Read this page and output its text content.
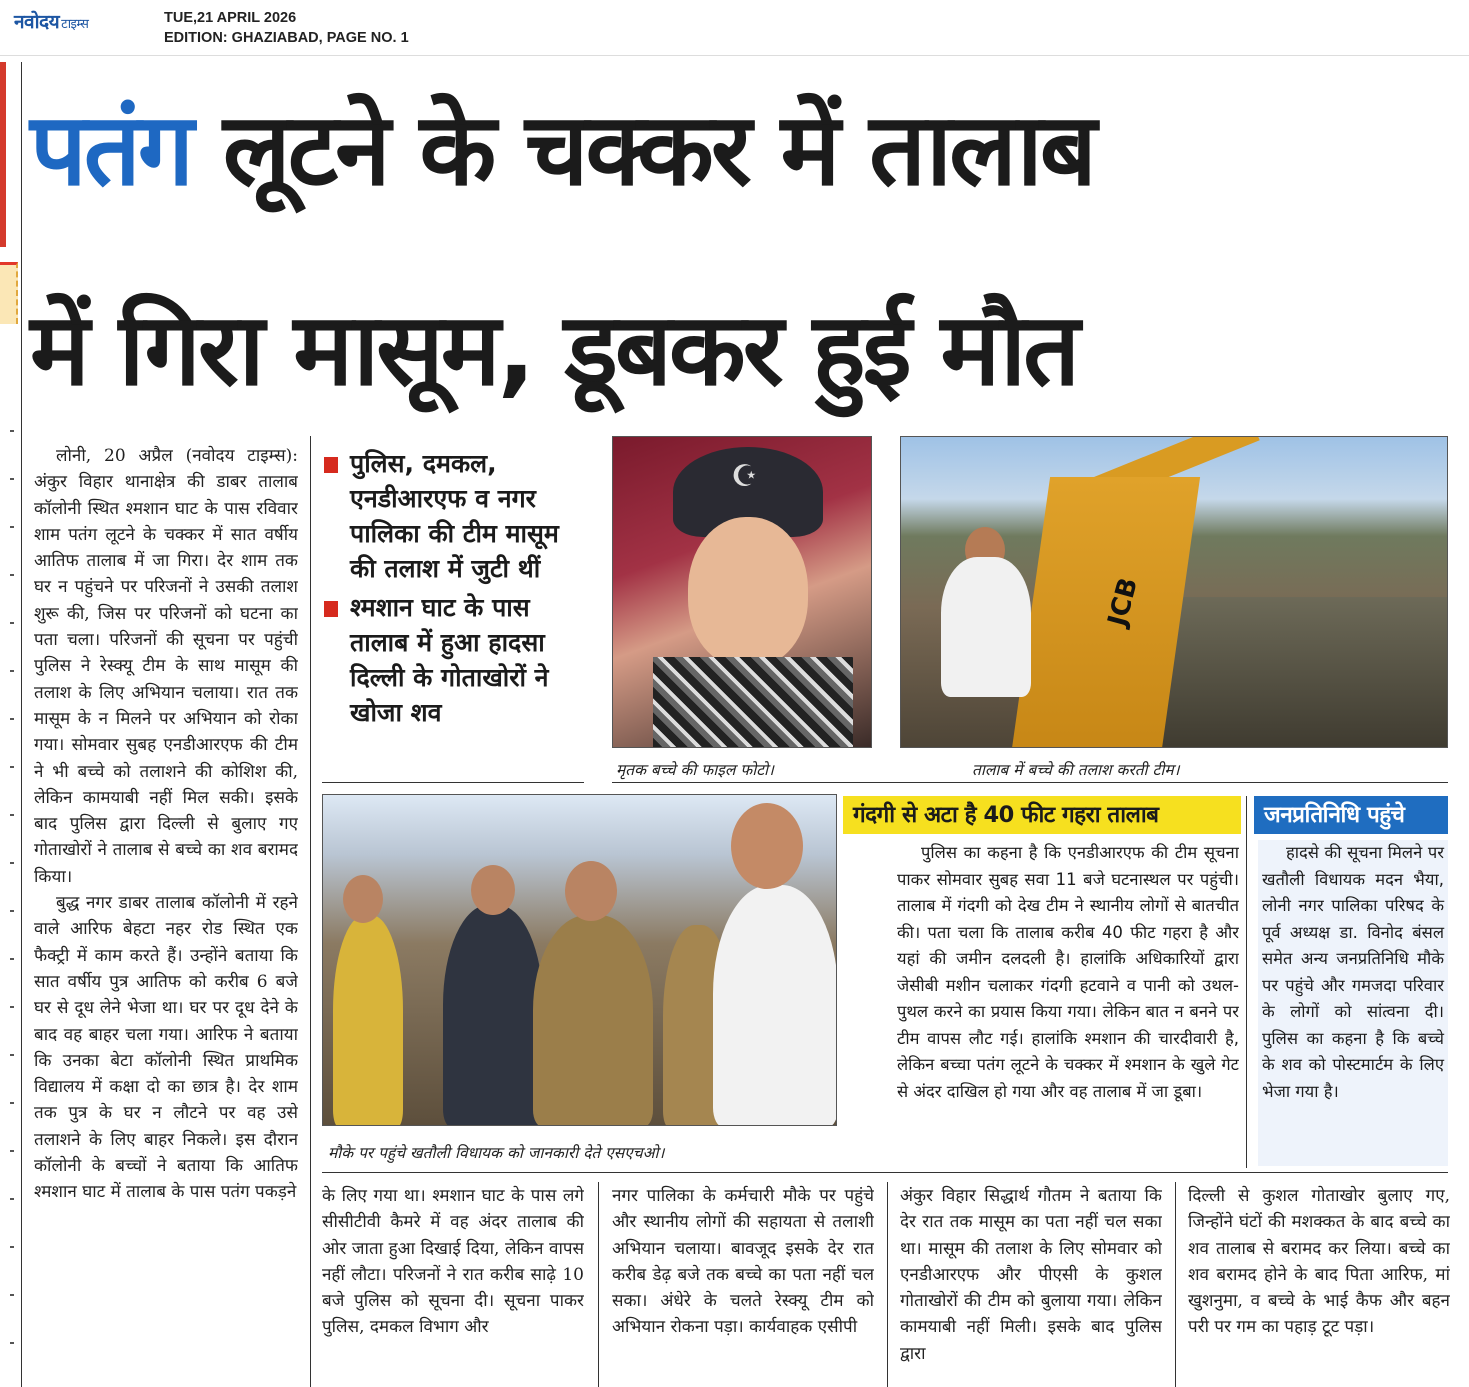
नवोदय टाइम्स	TUE,21 APRIL 2026
EDITION: GHAZIABAD, PAGE NO. 1
पतंग लूटने के चक्कर में तालाब
में गिरा मासूम, डूबकर हुई मौत

लोनी, 20 अप्रैल (नवोदय टाइम्स): अंकुर विहार थानाक्षेत्र की डाबर तालाब कॉलोनी स्थित श्मशान घाट के पास रविवार शाम पतंग लूटने के चक्कर में सात वर्षीय आतिफ तालाब में जा गिरा। देर शाम तक घर न पहुंचने पर परिजनों ने उसकी तलाश शुरू की, जिस पर परिजनों को घटना का पता चला। परिजनों की सूचना पर पहुंची पुलिस ने रेस्क्यू टीम के साथ मासूम की तलाश के लिए अभियान चलाया। रात तक मासूम के न मिलने पर अभियान को रोका गया। सोमवार सुबह एनडीआरएफ की टीम ने भी बच्चे को तलाशने की कोशिश की, लेकिन कामयाबी नहीं मिल सकी। इसके बाद पुलिस द्वारा दिल्ली से बुलाए गए गोताखोरों ने तालाब से बच्चे का शव बरामद किया।

बुद्ध नगर डाबर तालाब कॉलोनी में रहने वाले आरिफ बेहटा नहर रोड स्थित एक फैक्ट्री में काम करते हैं। उन्होंने बताया कि सात वर्षीय पुत्र आतिफ को करीब 6 बजे घर से दूध लेने भेजा था। घर पर दूध देने के बाद वह बाहर चला गया। आरिफ ने बताया कि उनका बेटा कॉलोनी स्थित प्राथमिक विद्यालय में कक्षा दो का छात्र है। देर शाम तक पुत्र के घर न लौटने पर वह उसे तलाशने के लिए बाहर निकले। इस दौरान कॉलोनी के बच्चों ने बताया कि आतिफ श्मशान घाट में तालाब के पास पतंग पकड़ने

पुलिस, दमकल, एनडीआरएफ व नगर पालिका की टीम मासूम की तलाश में जुटी थीं
श्मशान घाट के पास तालाब में हुआ हादसा दिल्ली के गोताखोरों ने खोजा शव
☪
मृतक बच्चे की फाइल फोटो।
JCB
तालाब में बच्चे की तलाश करती टीम।
मौके पर पहुंचे खतौली विधायक को जानकारी देते एसएचओ।
गंदगी से अटा है 40 फीट गहरा तालाब

पुलिस का कहना है कि एनडीआरएफ की टीम सूचना पाकर सोमवार सुबह सवा 11 बजे घटनास्थल पर पहुंची। तालाब में गंदगी को देख टीम ने स्थानीय लोगों से बातचीत की। पता चला कि तालाब करीब 40 फीट गहरा है और यहां की जमीन दलदली है। हालांकि अधिकारियों द्वारा जेसीबी मशीन चलाकर गंदगी हटवाने व पानी को उथल-पुथल करने का प्रयास किया गया। लेकिन बात न बनने पर टीम वापस लौट गई। हालांकि श्मशान की चारदीवारी है, लेकिन बच्चा पतंग लूटने के चक्कर में श्मशान के खुले गेट से अंदर दाखिल हो गया और वह तालाब में जा डूबा।

जनप्रतिनिधि पहुंचे

हादसे की सूचना मिलने पर खतौली विधायक मदन भैया, लोनी नगर पालिका परिषद के पूर्व अध्यक्ष डा. विनोद बंसल समेत अन्य जनप्रतिनिधि मौके पर पहुंचे और गमजदा परिवार के लोगों को सांत्वना दी। पुलिस का कहना है कि बच्चे के शव को पोस्टमार्टम के लिए भेजा गया है।

के लिए गया था। श्मशान घाट के पास लगे सीसीटीवी कैमरे में वह अंदर तालाब की ओर जाता हुआ दिखाई दिया, लेकिन वापस नहीं लौटा। परिजनों ने रात करीब साढ़े 10 बजे पुलिस को सूचना दी। सूचना पाकर पुलिस, दमकल विभाग और

नगर पालिका के कर्मचारी मौके पर पहुंचे और स्थानीय लोगों की सहायता से तलाशी अभियान चलाया। बावजूद इसके देर रात करीब डेढ़ बजे तक बच्चे का पता नहीं चल सका। अंधेरे के चलते रेस्क्यू टीम को अभियान रोकना पड़ा। कार्यवाहक एसीपी

अंकुर विहार सिद्धार्थ गौतम ने बताया कि देर रात तक मासूम का पता नहीं चल सका था। मासूम की तलाश के लिए सोमवार को एनडीआरएफ और पीएसी के कुशल गोताखोरों की टीम को बुलाया गया। लेकिन कामयाबी नहीं मिली। इसके बाद पुलिस द्वारा

दिल्ली से कुशल गोताखोर बुलाए गए, जिन्होंने घंटों की मशक्कत के बाद बच्चे का शव तालाब से बरामद कर लिया। बच्चे का शव बरामद होने के बाद पिता आरिफ, मां खुशनुमा, व बच्चे के भाई कैफ और बहन परी पर गम का पहाड़ टूट पड़ा।
